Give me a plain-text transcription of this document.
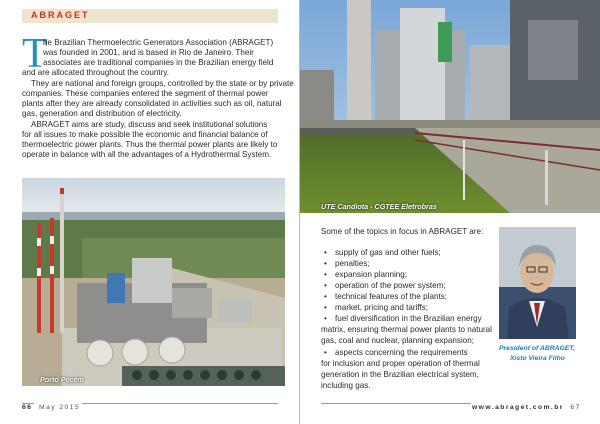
ABRAGET
T
he Brazilian Thermoelectric Generators Association (ABRAGET)
was founded in 2001, and is based in Rio de Janeiro. Their
associates are traditional companies in the Brazilian energy field
and are allocated throughout the country.
They are national and foreign groups, controlled by the state or by private
companies. These companies entered the segment of thermal power
plants after they are already consolidated in activities such as oil, natural
gas, generation and distribution of electricity.
ABRAGET aims are study, discuss and seek institutional solutions
for all issues to make possible the economic and financial balance of
thermoelectric power plants. Thus the thermal power plants are likely to
operate in balance with all the advantages of a Hydrothermal System.
Porto Pecém
66 May 2015
UTE Candiota - CGTEE Eletrobras
Some of the topics in focus in ABRAGET are:
• supply of gas and other fuels;
• penalties;
• expansion planning;
• operation of the power system;
• technical features of the plants;
• market, pricing and tariffs;
• fuel diversification in the Brazilian energy
matrix, ensuring thermal power plants to natural
gas, coal and nuclear, planning expansion;
• aspects concerning the requirements
for inclusion and proper operation of thermal
generation in the Brazilian electrical system,
including gas.
President of ABRAGET,
Xisto Vieira Filho
www.abraget.com.br 67
